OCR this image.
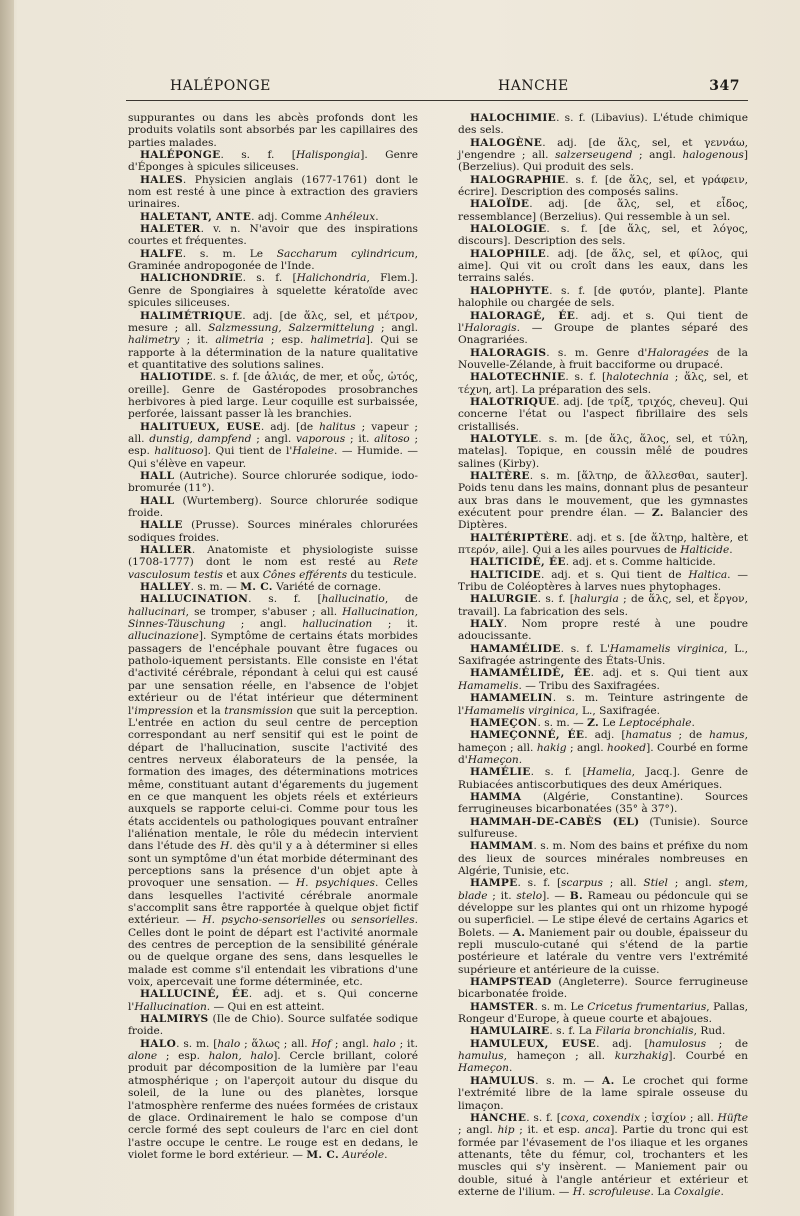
HALÉPONGE	HANCHE	347

suppurantes ou dans les abcès profonds dont les produits volatils sont absorbés par les capillaires des parties malades.

HALÉPONGE. s. f. [Halispongia]. Genre d'Éponges à spicules siliceuses.

HALES. Physicien anglais (1677-1761) dont le nom est resté à une pince à extraction des graviers urinaires.

HALETANT, ANTE. adj. Comme Anhéleux.

HALETER. v. n. N'avoir que des inspirations courtes et fréquentes.

HALFE. s. m. Le Saccharum cylindricum, Graminée andropogonée de l'Inde.

HALICHONDRIE. s. f. [Halichondria, Flem.]. Genre de Spongiaires à squelette kératoïde avec spicules siliceuses.

HALIMÉTRIQUE. adj. [de ἅλς, sel, et μέτρον, mesure ; all. Salzmessung, Salzermittelung ; angl. halimetry ; it. alimetria ; esp. halimetria]. Qui se rapporte à la détermination de la nature qualitative et quantitative des solutions salines.

HALIOTIDE. s. f. [de ἁλιάς, de mer, et οὖς, ὠτός, oreille]. Genre de Gastéropodes prosobranches herbivores à pied large. Leur coquille est surbaissée, perforée, laissant passer là les branchies.

HALITUEUX, EUSE. adj. [de halitus ; vapeur ; all. dunstig, dampfend ; angl. vaporous ; it. alitoso ; esp. halituoso]. Qui tient de l'Haleine. — Humide. — Qui s'élève en vapeur.

HALL (Autriche). Source chlorurée sodique, iodo-bromurée (11°).

HALL (Wurtemberg). Source chlorurée sodique froide.

HALLE (Prusse). Sources minérales chlorurées sodiques froides.

HALLER. Anatomiste et physiologiste suisse (1708-1777) dont le nom est resté au Rete vasculosum testis et aux Cônes efférents du testicule.

HALLEY. s. m. — M. C. Variété de cornage.

HALLUCINATION. s. f. [hallucinatio, de hallucinari, se tromper, s'abuser ; all. Hallucination, Sinnes-Täuschung ; angl. hallucination ; it. allucinazione]. Symptôme de certains états morbides passagers de l'encéphale pouvant être fugaces ou patholo-iquement persistants. Elle consiste en l'état d'activité cérébrale, répondant à celui qui est causé par une sensation réelle, en l'absence de l'objet extérieur ou de l'état intérieur que déterminent l'impression et la transmission que suit la perception. L'entrée en action du seul centre de perception correspondant au nerf sensitif qui est le point de départ de l'hallucination, suscite l'activité des centres nerveux élaborateurs de la pensée, la formation des images, des déterminations motrices même, constituant autant d'égarements du jugement en ce que manquent les objets réels et extérieurs auxquels se rapporte celui-ci. Comme pour tous les états accidentels ou pathologiques pouvant entraîner l'aliénation mentale, le rôle du médecin intervient dans l'étude des H. dès qu'il y a à déterminer si elles sont un symptôme d'un état morbide déterminant des perceptions sans la présence d'un objet apte à provoquer une sensation. — H. psychiques. Celles dans lesquelles l'activité cérébrale anormale s'accomplit sans être rapportée à quelque objet fictif extérieur. — H. psycho-sensorielles ou sensorielles. Celles dont le point de départ est l'activité anormale des centres de perception de la sensibilité générale ou de quelque organe des sens, dans lesquelles le malade est comme s'il entendait les vibrations d'une voix, apercevait une forme déterminée, etc.

HALLUCINÉ, ÉE. adj. et s. Qui concerne l'Hallucination. — Qui en est atteint.

HALMIRYS (Ile de Chio). Source sulfatée sodique froide.

HALO. s. m. [halo ; ἅλως ; all. Hof ; angl. halo ; it. alone ; esp. halon, halo]. Cercle brillant, coloré produit par décomposition de la lumière par l'eau atmosphérique ; on l'aperçoit autour du disque du soleil, de la lune ou des planètes, lorsque l'atmosphère renferme des nuées formées de cristaux de glace. Ordinairement le halo se compose d'un cercle formé des sept couleurs de l'arc en ciel dont l'astre occupe le centre. Le rouge est en dedans, le violet forme le bord extérieur. — M. C. Auréole.

HALOCHIMIE. s. f. (Libavius). L'étude chimique des sels.

HALOGÈNE. adj. [de ἅλς, sel, et γεννάω, j'engendre ; all. salzerseugend ; angl. halogenous] (Berzelius). Qui produit des sels.

HALOGRAPHIE. s. f. [de ἅλς, sel, et γράφειν, écrire]. Description des composés salins.

HALOÏDE. adj. [de ἅλς, sel, et εἶδος, ressemblance] (Berzelius). Qui ressemble à un sel.

HALOLOGIE. s. f. [de ἅλς, sel, et λόγος, discours]. Description des sels.

HALOPHILE. adj. [de ἅλς, sel, et φίλος, qui aime]. Qui vit ou croît dans les eaux, dans les terrains salés.

HALOPHYTE. s. f. [de φυτόν, plante]. Plante halophile ou chargée de sels.

HALORAGÉ, ÉE. adj. et s. Qui tient de l'Haloragis. — Groupe de plantes séparé des Onagrariées.

HALORAGIS. s. m. Genre d'Haloragées de la Nouvelle-Zélande, à fruit bacciforme ou drupacé.

HALOTECHNIE. s. f. [halotechnia ; ἅλς, sel, et τέχνη, art]. La préparation des sels.

HALOTRIQUE. adj. [de τρίξ, τριχός, cheveu]. Qui concerne l'état ou l'aspect fibrillaire des sels cristallisés.

HALOTYLE. s. m. [de ἅλς, ἅλος, sel, et τύλη, matelas]. Topique, en coussin mêlé de poudres salines (Kirby).

HALTÈRE. s. m. [ἅλτηρ, de ἅλλεσθαι, sauter]. Poids tenu dans les mains, donnant plus de pesanteur aux bras dans le mouvement, que les gymnastes exécutent pour prendre élan. — Z. Balancier des Diptères.

HALTÉRIPTÈRE. adj. et s. [de ἅλτηρ, haltère, et πτερόν, aile]. Qui a les ailes pourvues de Halticide.

HALTICIDÉ, ÉE. adj. et s. Comme halticide.

HALTICIDE. adj. et s. Qui tient de Haltica. — Tribu de Coléoptères à larves nues phytophages.

HALURGIE. s. f. [halurgia ; de ἅλς, sel, et ἔργον, travail]. La fabrication des sels.

HALY. Nom propre resté à une poudre adoucissante.

HAMAMÉLIDE. s. f. L'Hamamelis virginica, L., Saxifragée astringente des États-Unis.

HAMAMÉLIDÉ, ÉE. adj. et s. Qui tient aux Hamamelis. — Tribu des Saxifragées.

HAMAMELIN. s. m. Teinture astringente de l'Hamamelis virginica, L., Saxifragée.

HAMEÇON. s. m. — Z. Le Leptocéphale.

HAMEÇONNÉ, ÉE. adj. [hamatus ; de hamus, hameçon ; all. hakig ; angl. hooked]. Courbé en forme d'Hameçon.

HAMÉLIE. s. f. [Hamelia, Jacq.]. Genre de Rubiacées antiscorbutiques des deux Amériques.

HAMMA (Algérie, Constantine). Sources ferrugineuses bicarbonatées (35° à 37°).

HAMMAH-DE-CABÈS (EL) (Tunisie). Source sulfureuse.

HAMMAM. s. m. Nom des bains et préfixe du nom des lieux de sources minérales nombreuses en Algérie, Tunisie, etc.

HAMPE. s. f. [scarpus ; all. Stiel ; angl. stem, blade ; it. stelo]. — B. Rameau ou pédoncule qui se développe sur les plantes qui ont un rhizome hypogé ou superficiel. — Le stipe élevé de certains Agarics et Bolets. — A. Maniement pair ou double, épaisseur du repli musculo-cutané qui s'étend de la partie postérieure et latérale du ventre vers l'extrémité supérieure et antérieure de la cuisse.

HAMPSTEAD (Angleterre). Source ferrugineuse bicarbonatée froide.

HAMSTER. s. m. Le Cricetus frumentarius, Pallas, Rongeur d'Europe, à queue courte et abajoues.

HAMULAIRE. s. f. La Filaria bronchialis, Rud.

HAMULEUX, EUSE. adj. [hamulosus ; de hamulus, hameçon ; all. kurzhakig]. Courbé en Hameçon.

HAMULUS. s. m. — A. Le crochet qui forme l'extrémité libre de la lame spirale osseuse du limaçon.

HANCHE. s. f. [coxa, coxendix ; ἰσχίον ; all. Hüfte ; angl. hip ; it. et esp. anca]. Partie du tronc qui est formée par l'évasement de l'os iliaque et les organes attenants, tête du fémur, col, trochanters et les muscles qui s'y insèrent. — Maniement pair ou double, situé à l'angle antérieur et extérieur et externe de l'ilium. — H. scrofuleuse. La Coxalgie.
